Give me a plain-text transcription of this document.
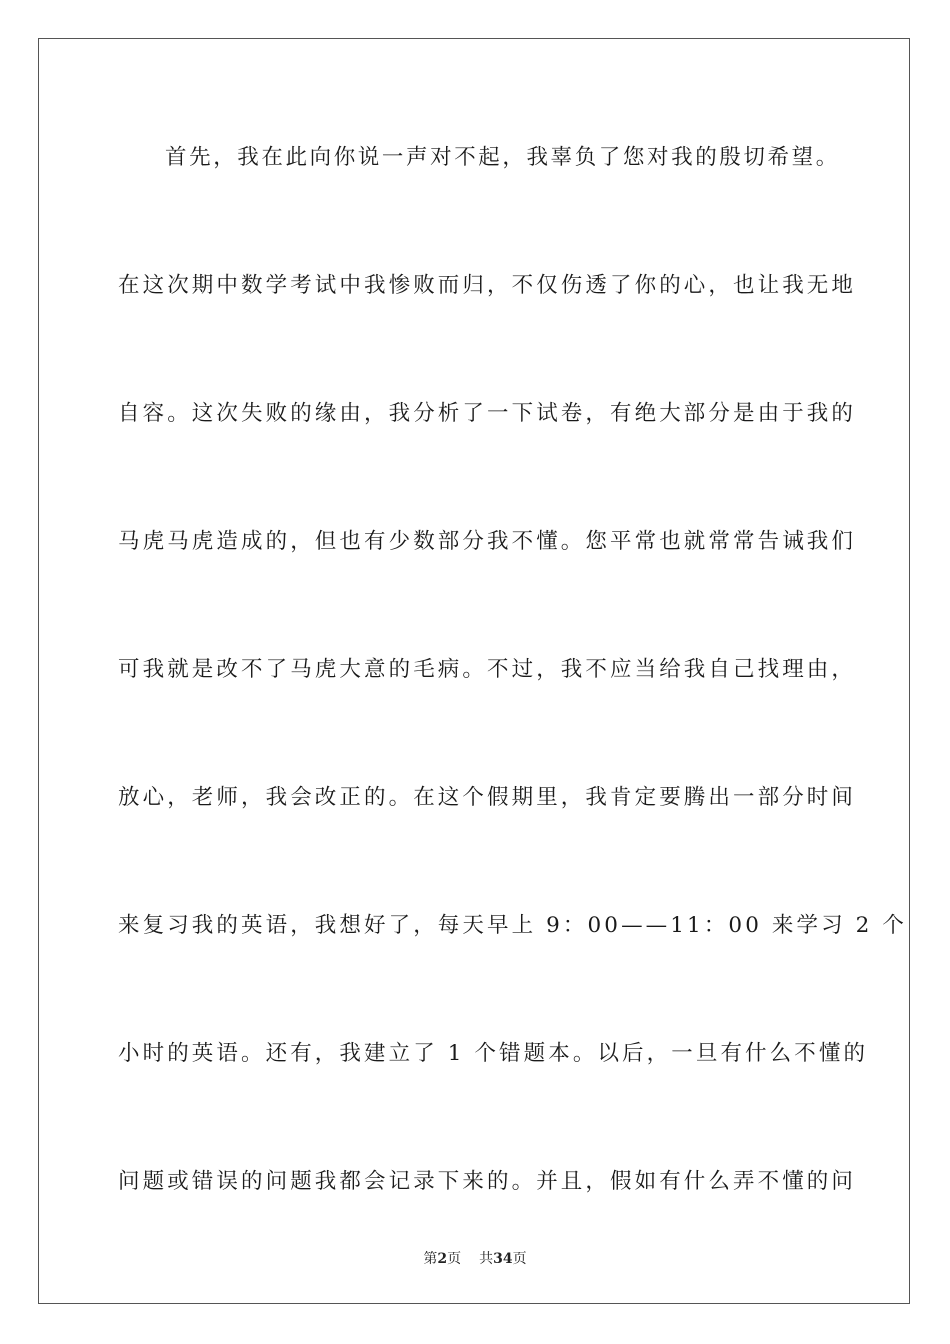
首先，我在此向你说一声对不起，我辜负了您对我的殷切希望。
在这次期中数学考试中我惨败而归，不仅伤透了你的心，也让我无地
自容。这次失败的缘由，我分析了一下试卷，有绝大部分是由于我的
马虎马虎造成的，但也有少数部分我不懂。您平常也就常常告诫我们
可我就是改不了马虎大意的毛病。不过，我不应当给我自己找理由，
放心，老师，我会改正的。在这个假期里，我肯定要腾出一部分时间
来复习我的英语，我想好了，每天早上 9：00——11：00 来学习 2 个
小时的英语。还有，我建立了 1 个错题本。以后，一旦有什么不懂的
问题或错误的问题我都会记录下来的。并且，假如有什么弄不懂的问
第2页 共34页
